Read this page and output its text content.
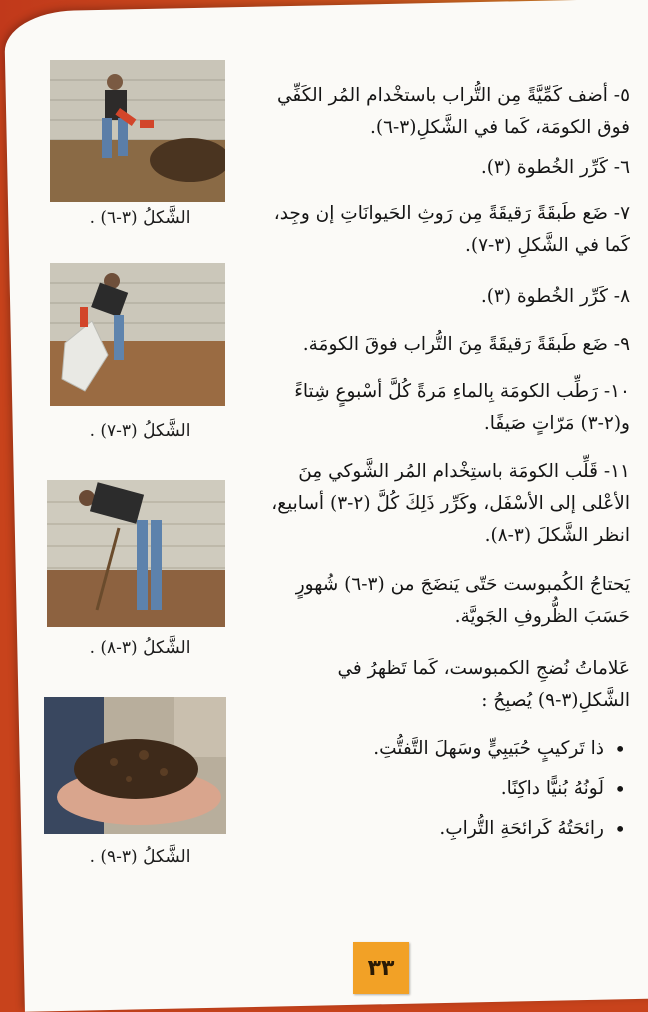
الشَّكلُ (٣-٦) .
الشَّكلُ (٣-٧) .
الشَّكلُ (٣-٨) .
الشَّكلُ (٣-٩) .
٥- أضف كَمِّيَّةً مِن التُّراب باستخْدام المُر الكَفِّي فوق الكومَة، كَما في الشَّكلِ(٣-٦).
٦- كَرِّر الخُطوة (٣).
٧- ضَع طَبقَةً رَقيقَةً مِن رَوثِ الحَيوانَاتِ إن وجِد، كَما في الشَّكلِ (٣-٧).
٨- كَرِّر الخُطوة (٣).
٩- ضَع طَبقَةً رَقيقَةً مِنَ التُّراب فوقَ الكومَة.
١٠- رَطِّب الكومَة بِالماءِ مَرةً كُلَّ أسْبوعٍ شِتاءً و(٢-٣) مَرّاتٍ صَيفًا.
١١- قَلِّب الكومَة باستِخْدام المُر الشَّوكي مِنَ الأعْلى إلى الأسْفَل، وكَرِّر ذَلِكَ كُلَّ (٢-٣) أسابيع، انظر الشَّكلَ (٣-٨).
يَحتاجُ الكُمبوست حَتّى يَنضَجَ من (٣-٦) شُهورٍ حَسَبَ الظُّروفِ الجَويَّة.
عَلاماتُ نُضجِ الكمبوست، كَما تَظهرُ في الشَّكلِ(٣-٩) يُصبِحُ :
• ذا تَركيبٍ حُبَيبِيٍّ وسَهلَ التَّفتُّتِ.
• لَونُهُ بُنيًّا داكِنًا.
• رائحَتُهُ كَرائحَةِ التُّرابِ.
٣٣
